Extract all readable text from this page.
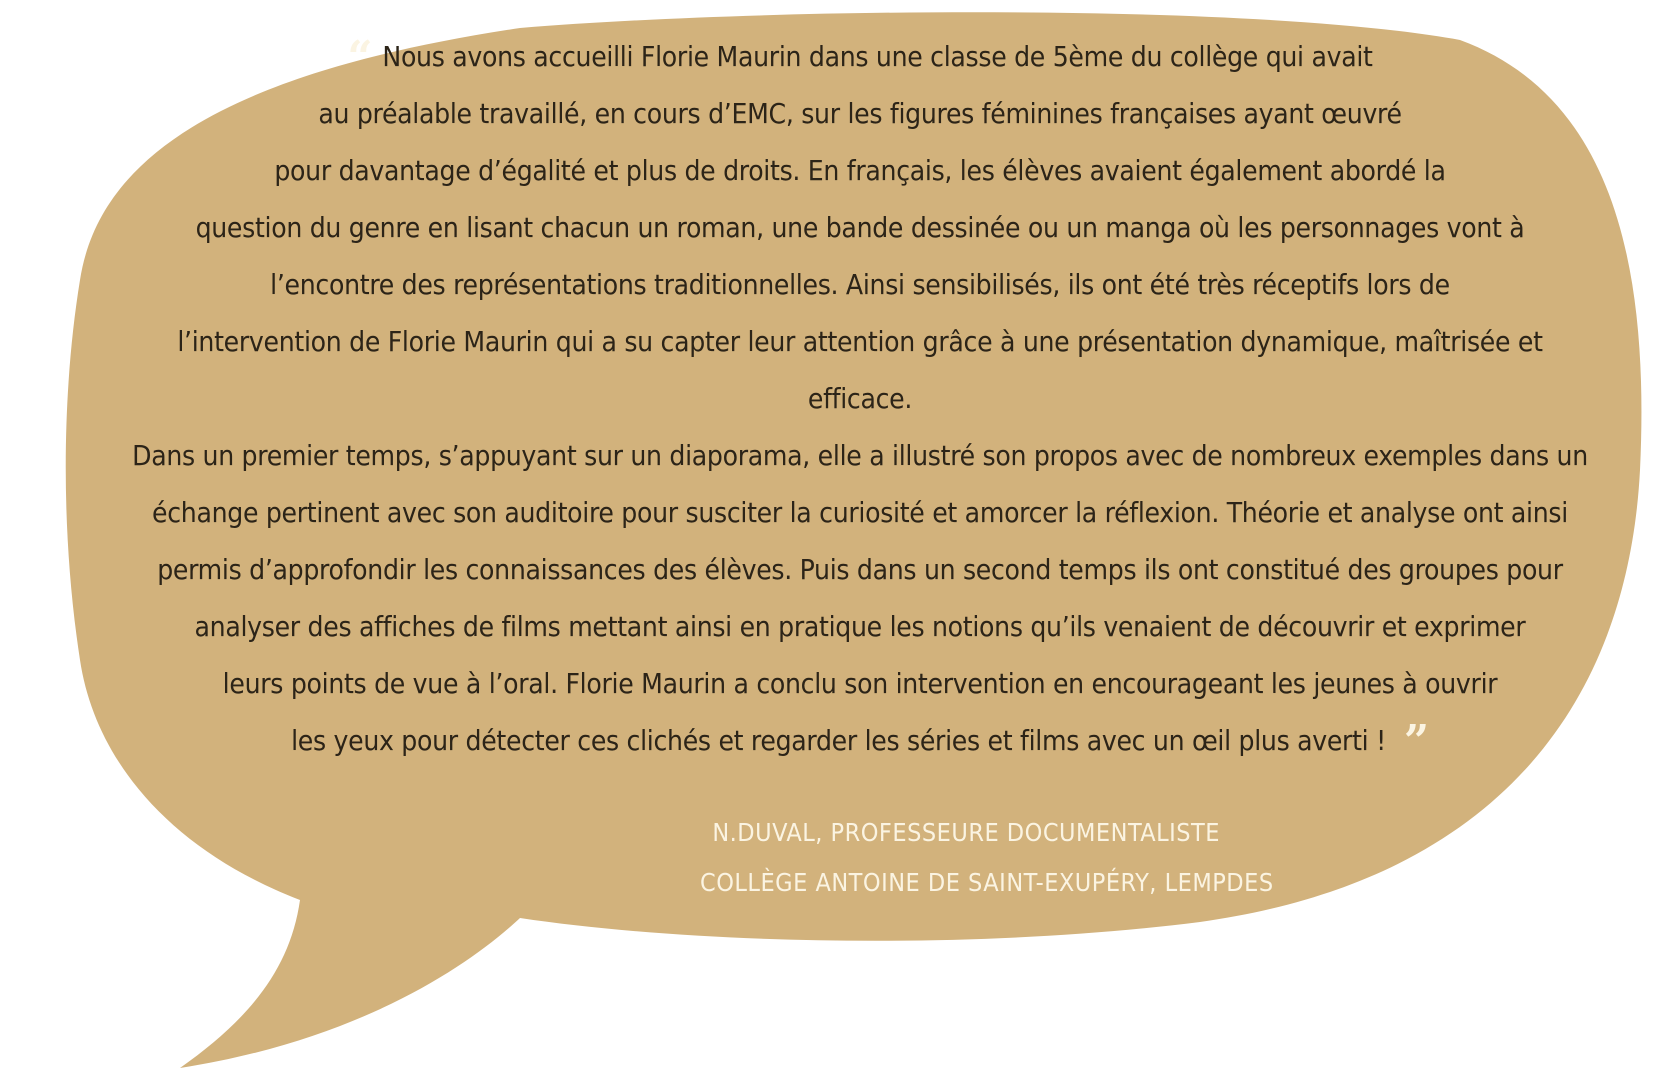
“ Nous avons accueilli Florie Maurin dans une classe de 5ème du collège qui avait
au préalable travaillé, en cours d’EMC, sur les figures féminines françaises ayant œuvré
pour davantage d’égalité et plus de droits. En français, les élèves avaient également abordé la
question du genre en lisant chacun un roman, une bande dessinée ou un manga où les personnages vont à
l’encontre des représentations traditionnelles. Ainsi sensibilisés, ils ont été très réceptifs lors de
l’intervention de Florie Maurin qui a su capter leur attention grâce à une présentation dynamique, maîtrisée et
efficace.

Dans un premier temps, s’appuyant sur un diaporama, elle a illustré son propos avec de nombreux exemples dans un
échange pertinent avec son auditoire pour susciter la curiosité et amorcer la réflexion. Théorie et analyse ont ainsi
permis d’approfondir les connaissances des élèves. Puis dans un second temps ils ont constitué des groupes pour
analyser des affiches de films mettant ainsi en pratique les notions qu’ils venaient de découvrir et exprimer
leurs points de vue à l’oral. Florie Maurin a conclu son intervention en encourageant les jeunes à ouvrir
les yeux pour détecter ces clichés et regarder les séries et films avec un œil plus averti ! ”

N.DUVAL, PROFESSEURE DOCUMENTALISTE
COLLÈGE ANTOINE DE SAINT-EXUPÉRY, LEMPDES
